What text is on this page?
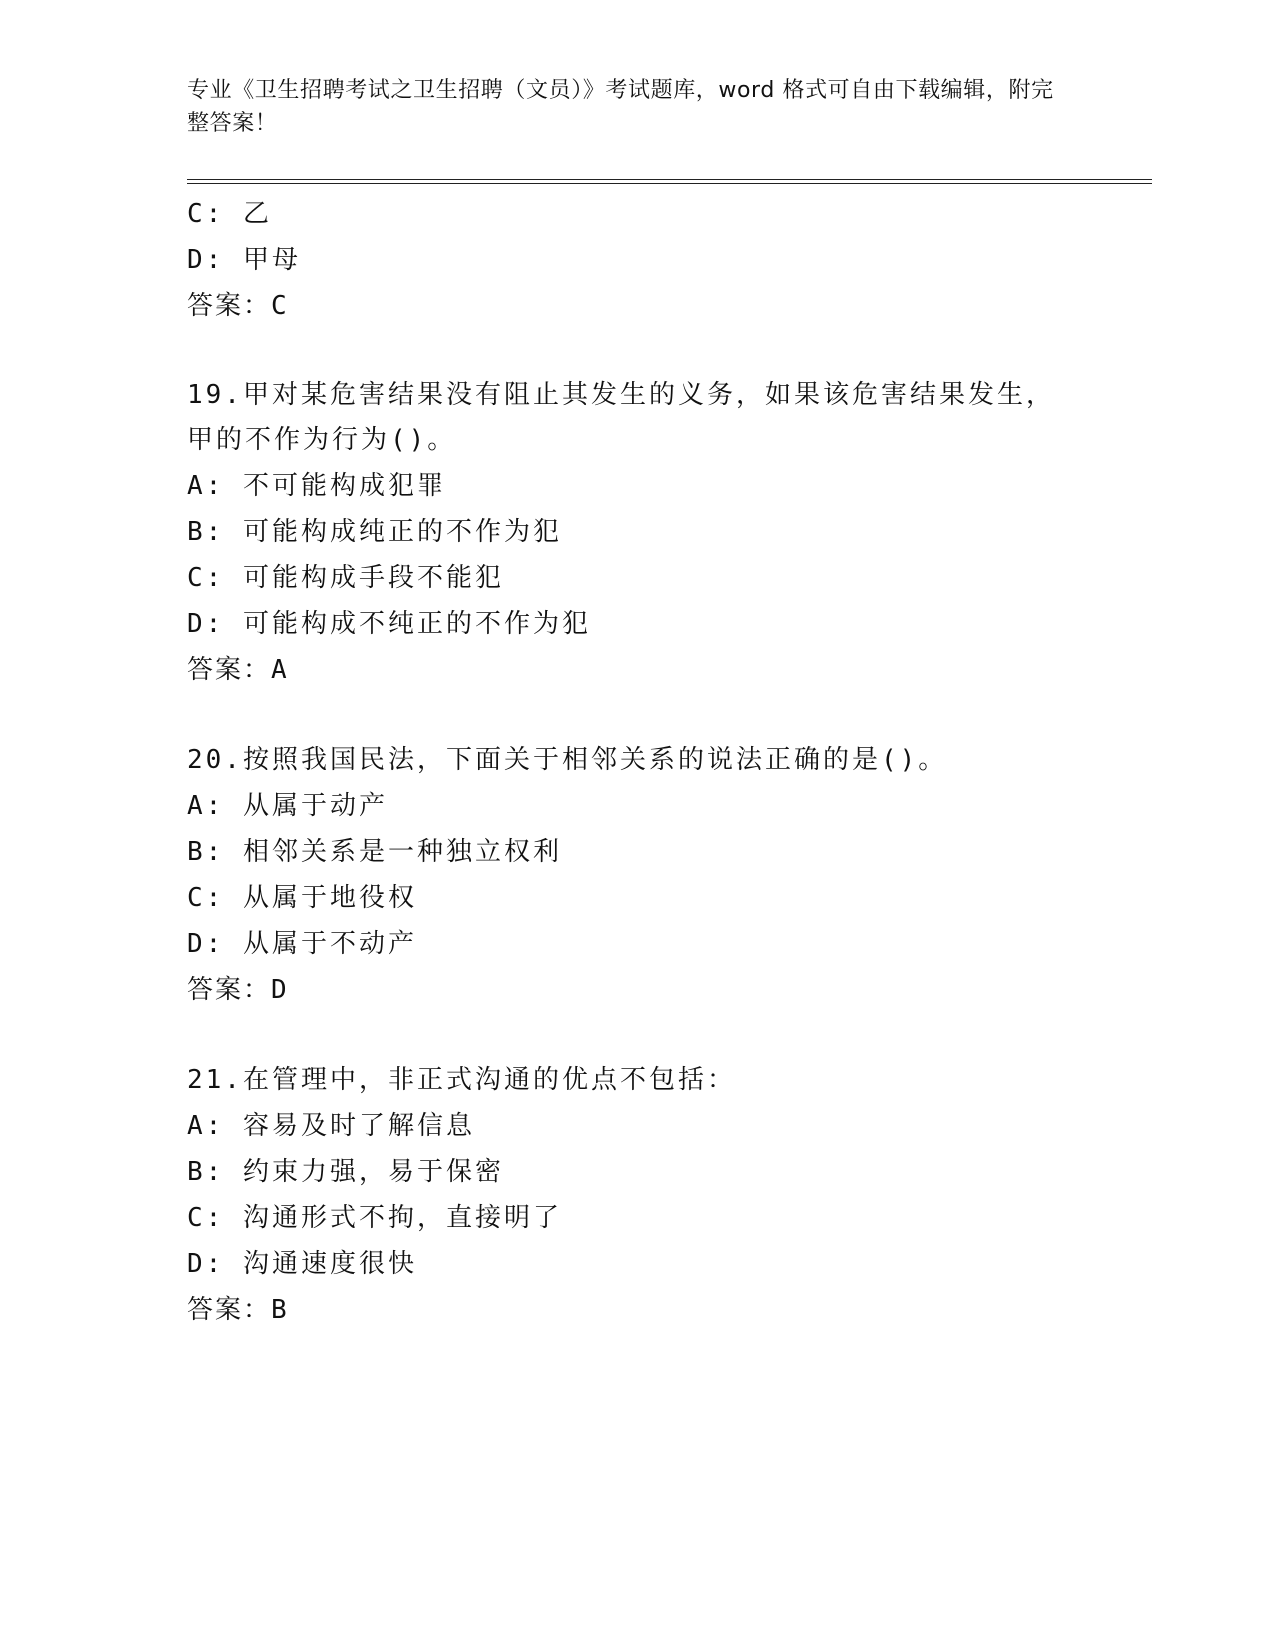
专业《卫生招聘考试之卫生招聘（文员）》考试题库，word 格式可自由下载编辑，附完整答案！
C: 乙
D: 甲母
答案：C
19.甲对某危害结果没有阻止其发生的义务，如果该危害结果发生，甲的不作为行为()。
A: 不可能构成犯罪
B: 可能构成纯正的不作为犯
C: 可能构成手段不能犯
D: 可能构成不纯正的不作为犯
答案：A
20.按照我国民法，下面关于相邻关系的说法正确的是()。
A: 从属于动产
B: 相邻关系是一种独立权利
C: 从属于地役权
D: 从属于不动产
答案：D
21.在管理中，非正式沟通的优点不包括：
A: 容易及时了解信息
B: 约束力强，易于保密
C: 沟通形式不拘，直接明了
D: 沟通速度很快
答案：B
